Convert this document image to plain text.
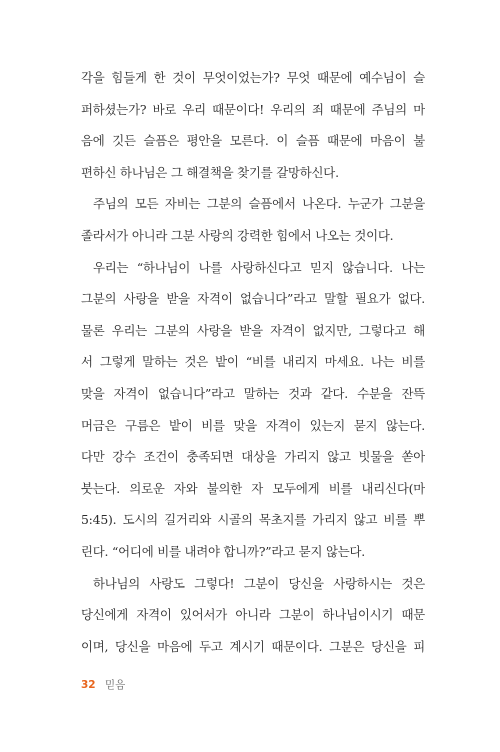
각을 힘들게 한 것이 무엇이었는가? 무엇 때문에 예수님이 슬
퍼하셨는가? 바로 우리 때문이다! 우리의 죄 때문에 주님의 마
음에 깃든 슬픔은 평안을 모른다. 이 슬픔 때문에 마음이 불
편하신 하나님은 그 해결책을 찾기를 갈망하신다.
주님의 모든 자비는 그분의 슬픔에서 나온다. 누군가 그분을
졸라서가 아니라 그분 사랑의 강력한 힘에서 나오는 것이다.
우리는 “하나님이 나를 사랑하신다고 믿지 않습니다. 나는
그분의 사랑을 받을 자격이 없습니다”라고 말할 필요가 없다.
물론 우리는 그분의 사랑을 받을 자격이 없지만, 그렇다고 해
서 그렇게 말하는 것은 밭이 “비를 내리지 마세요. 나는 비를
맞을 자격이 없습니다”라고 말하는 것과 같다. 수분을 잔뜩
머금은 구름은 밭이 비를 맞을 자격이 있는지 묻지 않는다.
다만 강수 조건이 충족되면 대상을 가리지 않고 빗물을 쏟아
붓는다. 의로운 자와 불의한 자 모두에게 비를 내리신다(마
5:45). 도시의 길거리와 시골의 목초지를 가리지 않고 비를 뿌
린다. “어디에 비를 내려야 합니까?”라고 묻지 않는다.
하나님의 사랑도 그렇다! 그분이 당신을 사랑하시는 것은
당신에게 자격이 있어서가 아니라 그분이 하나님이시기 때문
이며, 당신을 마음에 두고 계시기 때문이다. 그분은 당신을 피
32 믿음
